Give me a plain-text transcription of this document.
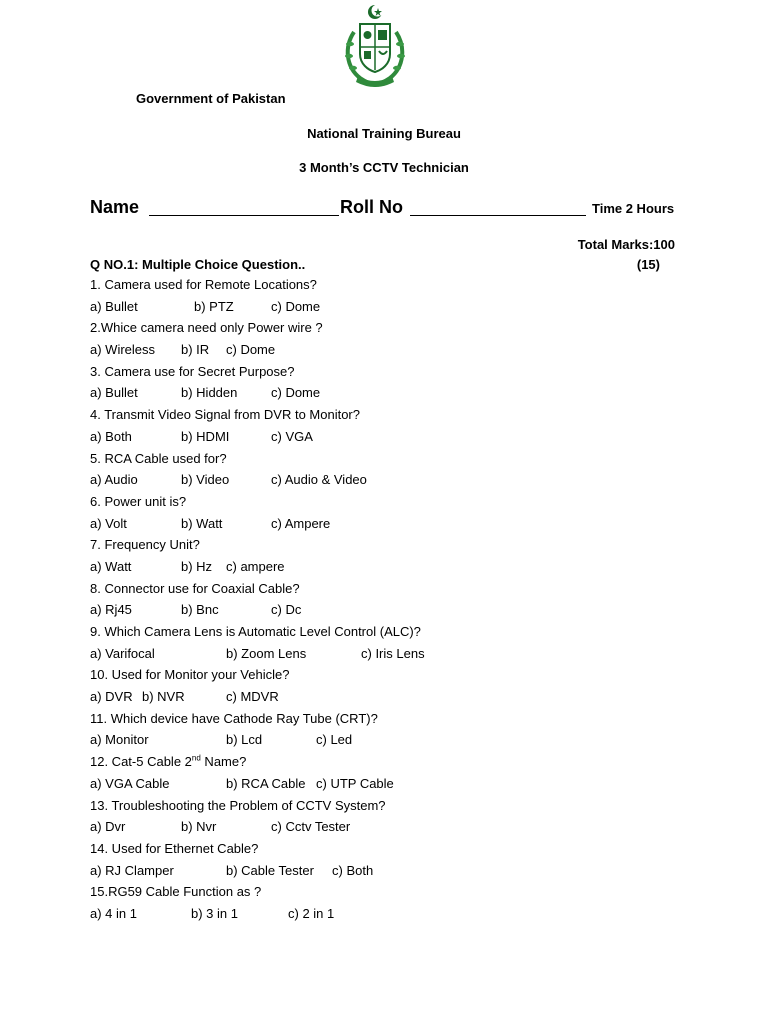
Government of Pakistan
National Training Bureau
3 Month’s CCTV Technician
Name	Roll No	Time 2 Hours
Total Marks:100
Q NO.1: Multiple Choice Question..	(15)
1. Camera used for Remote Locations?
a) Bullet	b) PTZ	c) Dome
2.Whice camera need only Power wire ?
a) Wireless b) IR c) Dome
3. Camera use for Secret Purpose?
a) Bullet	b) Hidden	c) Dome
4. Transmit Video Signal from DVR to Monitor?
a) Both	b) HDMI	c) VGA
5. RCA Cable used for?
a) Audio	b) Video	c) Audio & Video
6. Power unit is?
a) Volt	b) Watt	c) Ampere
7. Frequency Unit?
a) Watt	b) Hz c) ampere
8. Connector use for Coaxial Cable?
a) Rj45	b) Bnc	c) Dc
9. Which Camera Lens is Automatic Level Control (ALC)?
a) Varifocal	b) Zoom Lens	c) Iris Lens
10. Used for Monitor your Vehicle?
a) DVR b) NVR	c) MDVR
11. Which device have Cathode Ray Tube (CRT)?
a) Monitor	b) Lcd	c) Led
12. Cat-5 Cable 2nd Name?
a) VGA Cable	b) RCA Cable c) UTP Cable
13. Troubleshooting the Problem of CCTV System?
a) Dvr	b) Nvr	c) Cctv Tester
14. Used for Ethernet Cable?
a) RJ Clamper	b) Cable Tester c) Both
15.RG59 Cable Function as ?
a) 4 in 1	b) 3 in 1	c) 2 in 1
